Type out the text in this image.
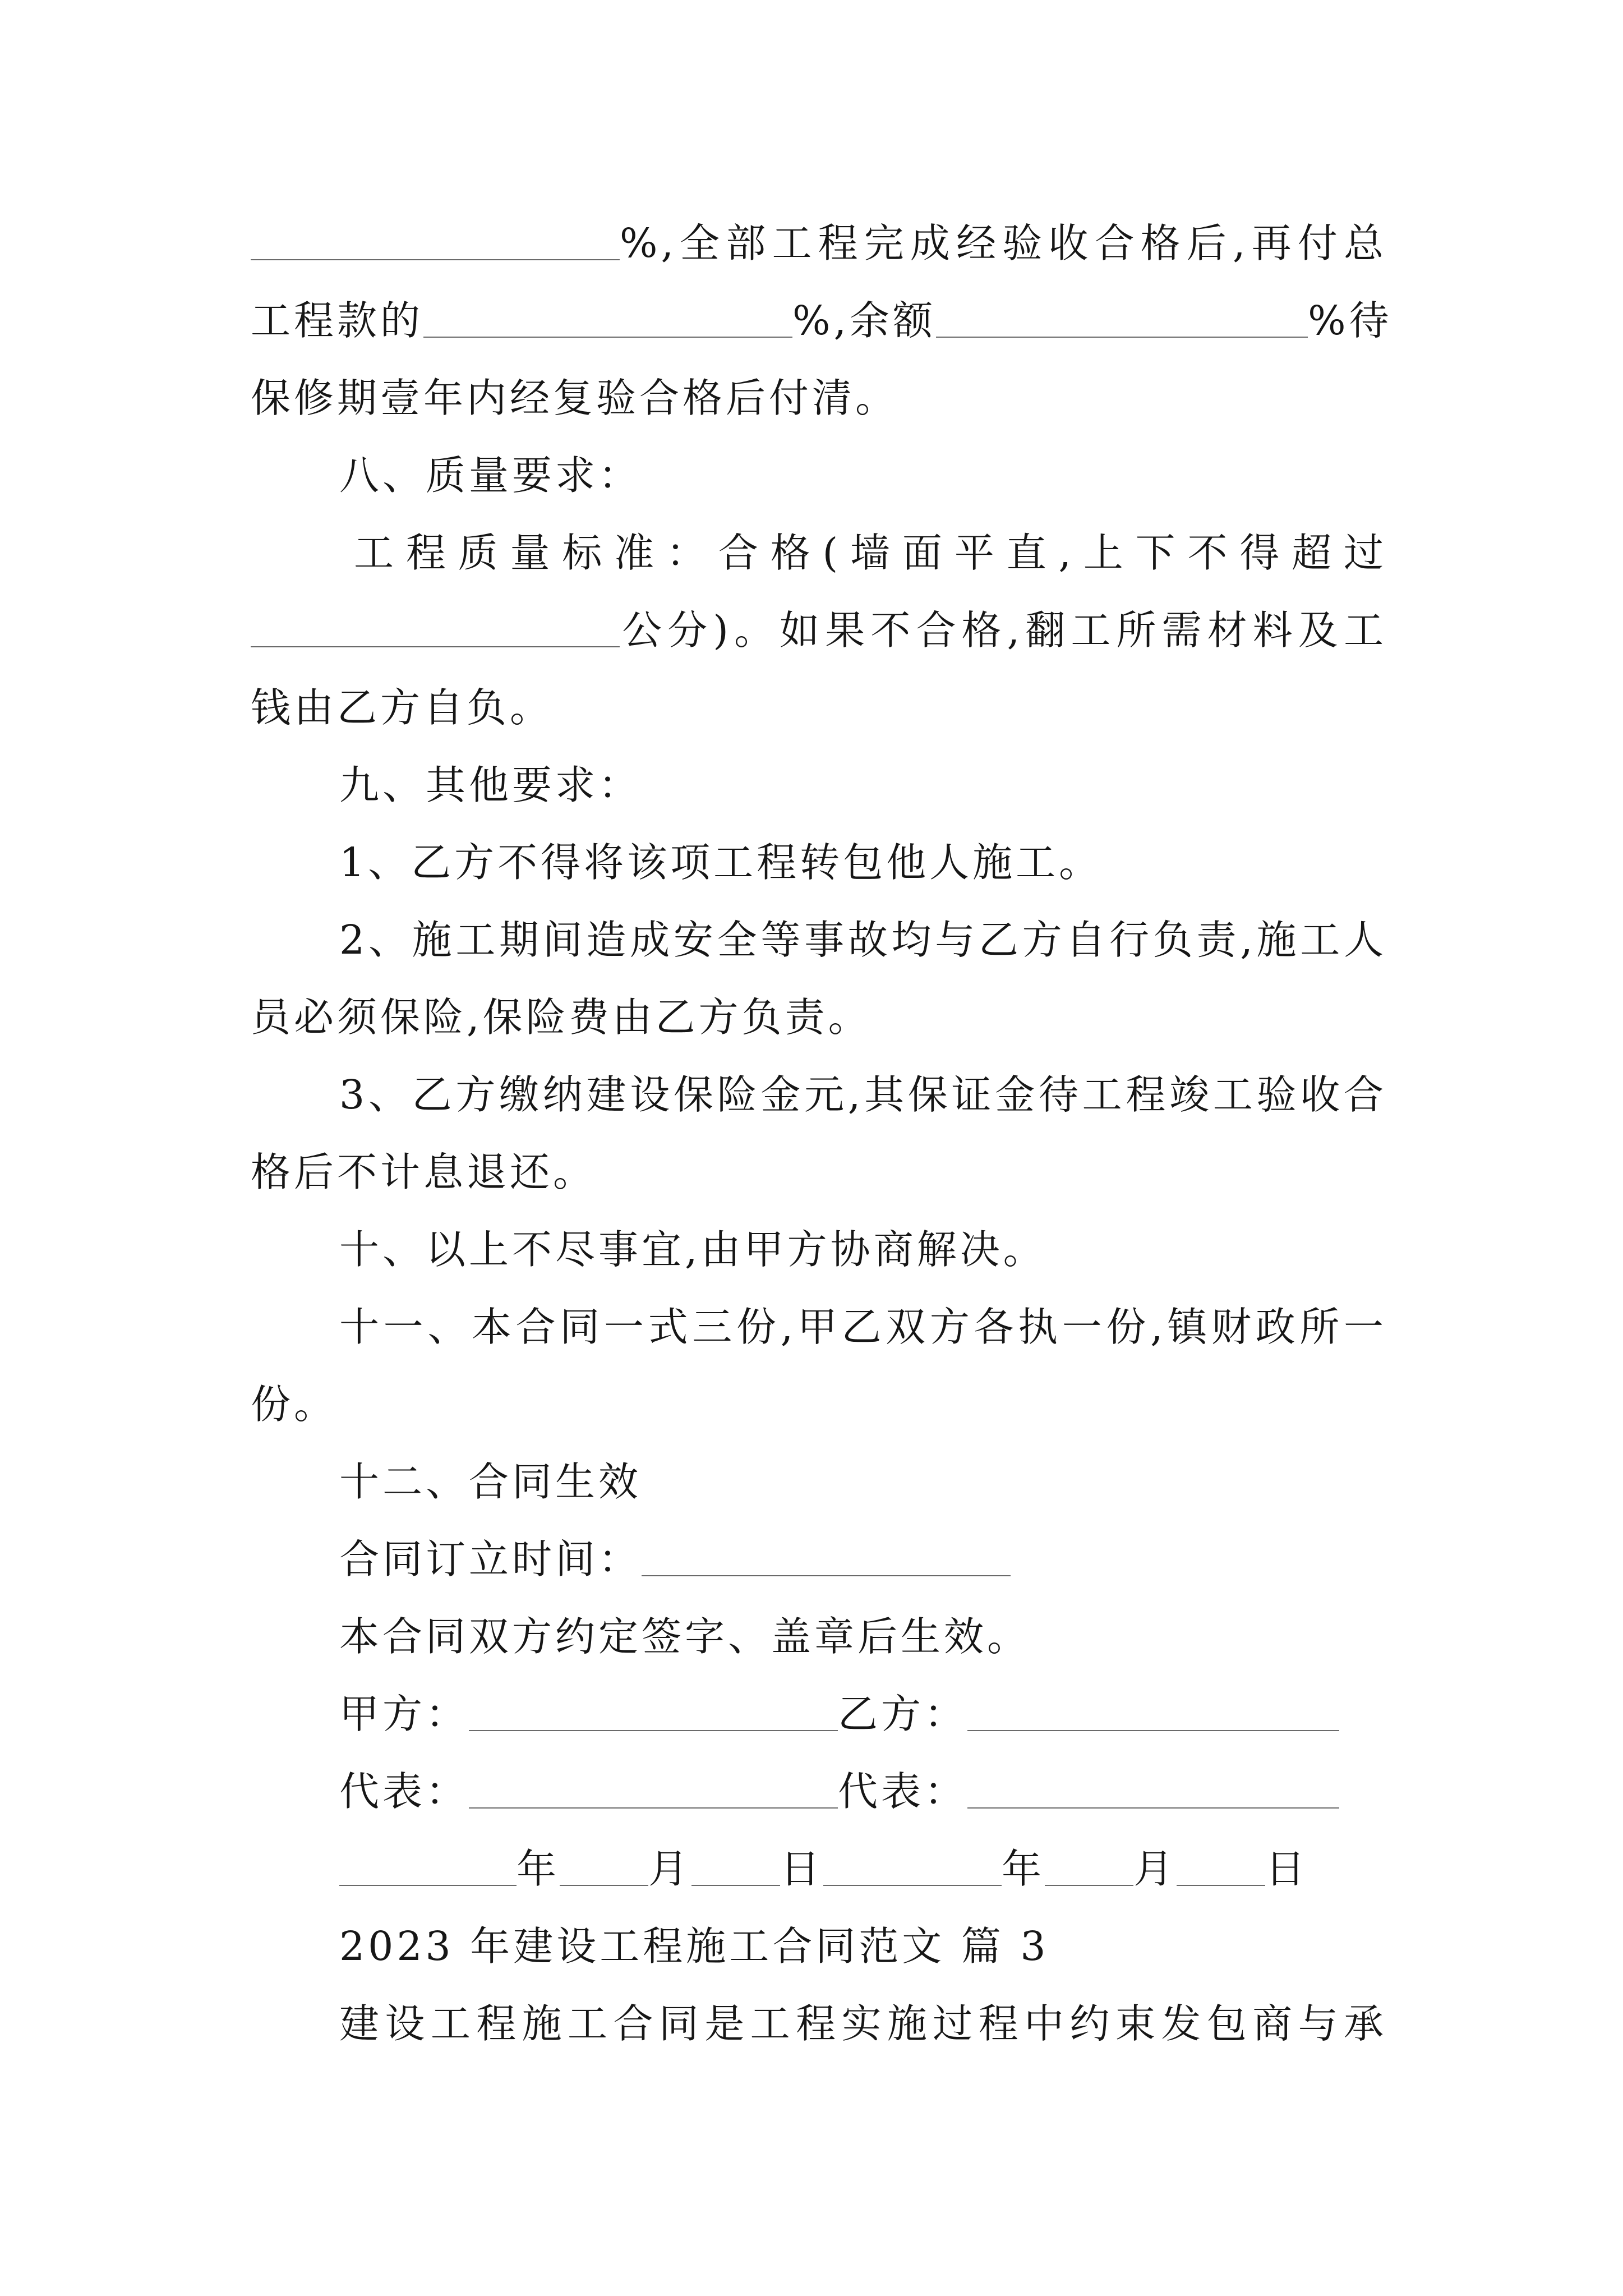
%,全部工程完成经验收合格后,再付总
工程款的	%,余额	%待
保修期壹年内经复验合格后付清。
八、质量要求：
工程质量标准：合格(墙面平直,上下不得超过
公分)。如果不合格,翻工所需材料及工
钱由乙方自负。
九、其他要求：
1、乙方不得将该项工程转包他人施工。
2、施工期间造成安全等事故均与乙方自行负责,施工人
员必须保险,保险费由乙方负责。
3、乙方缴纳建设保险金元,其保证金待工程竣工验收合
格后不计息退还。
十、以上不尽事宜,由甲方协商解决。
十一、本合同一式三份,甲乙双方各执一份,镇财政所一
份。
十二、合同生效
合同订立时间：
本合同双方约定签字、盖章后生效。
甲方：	乙方：
代表：	代表：
年 月 日	年 月 日
2023 年建设工程施工合同范文 篇 3
建设工程施工合同是工程实施过程中约束发包商与承
